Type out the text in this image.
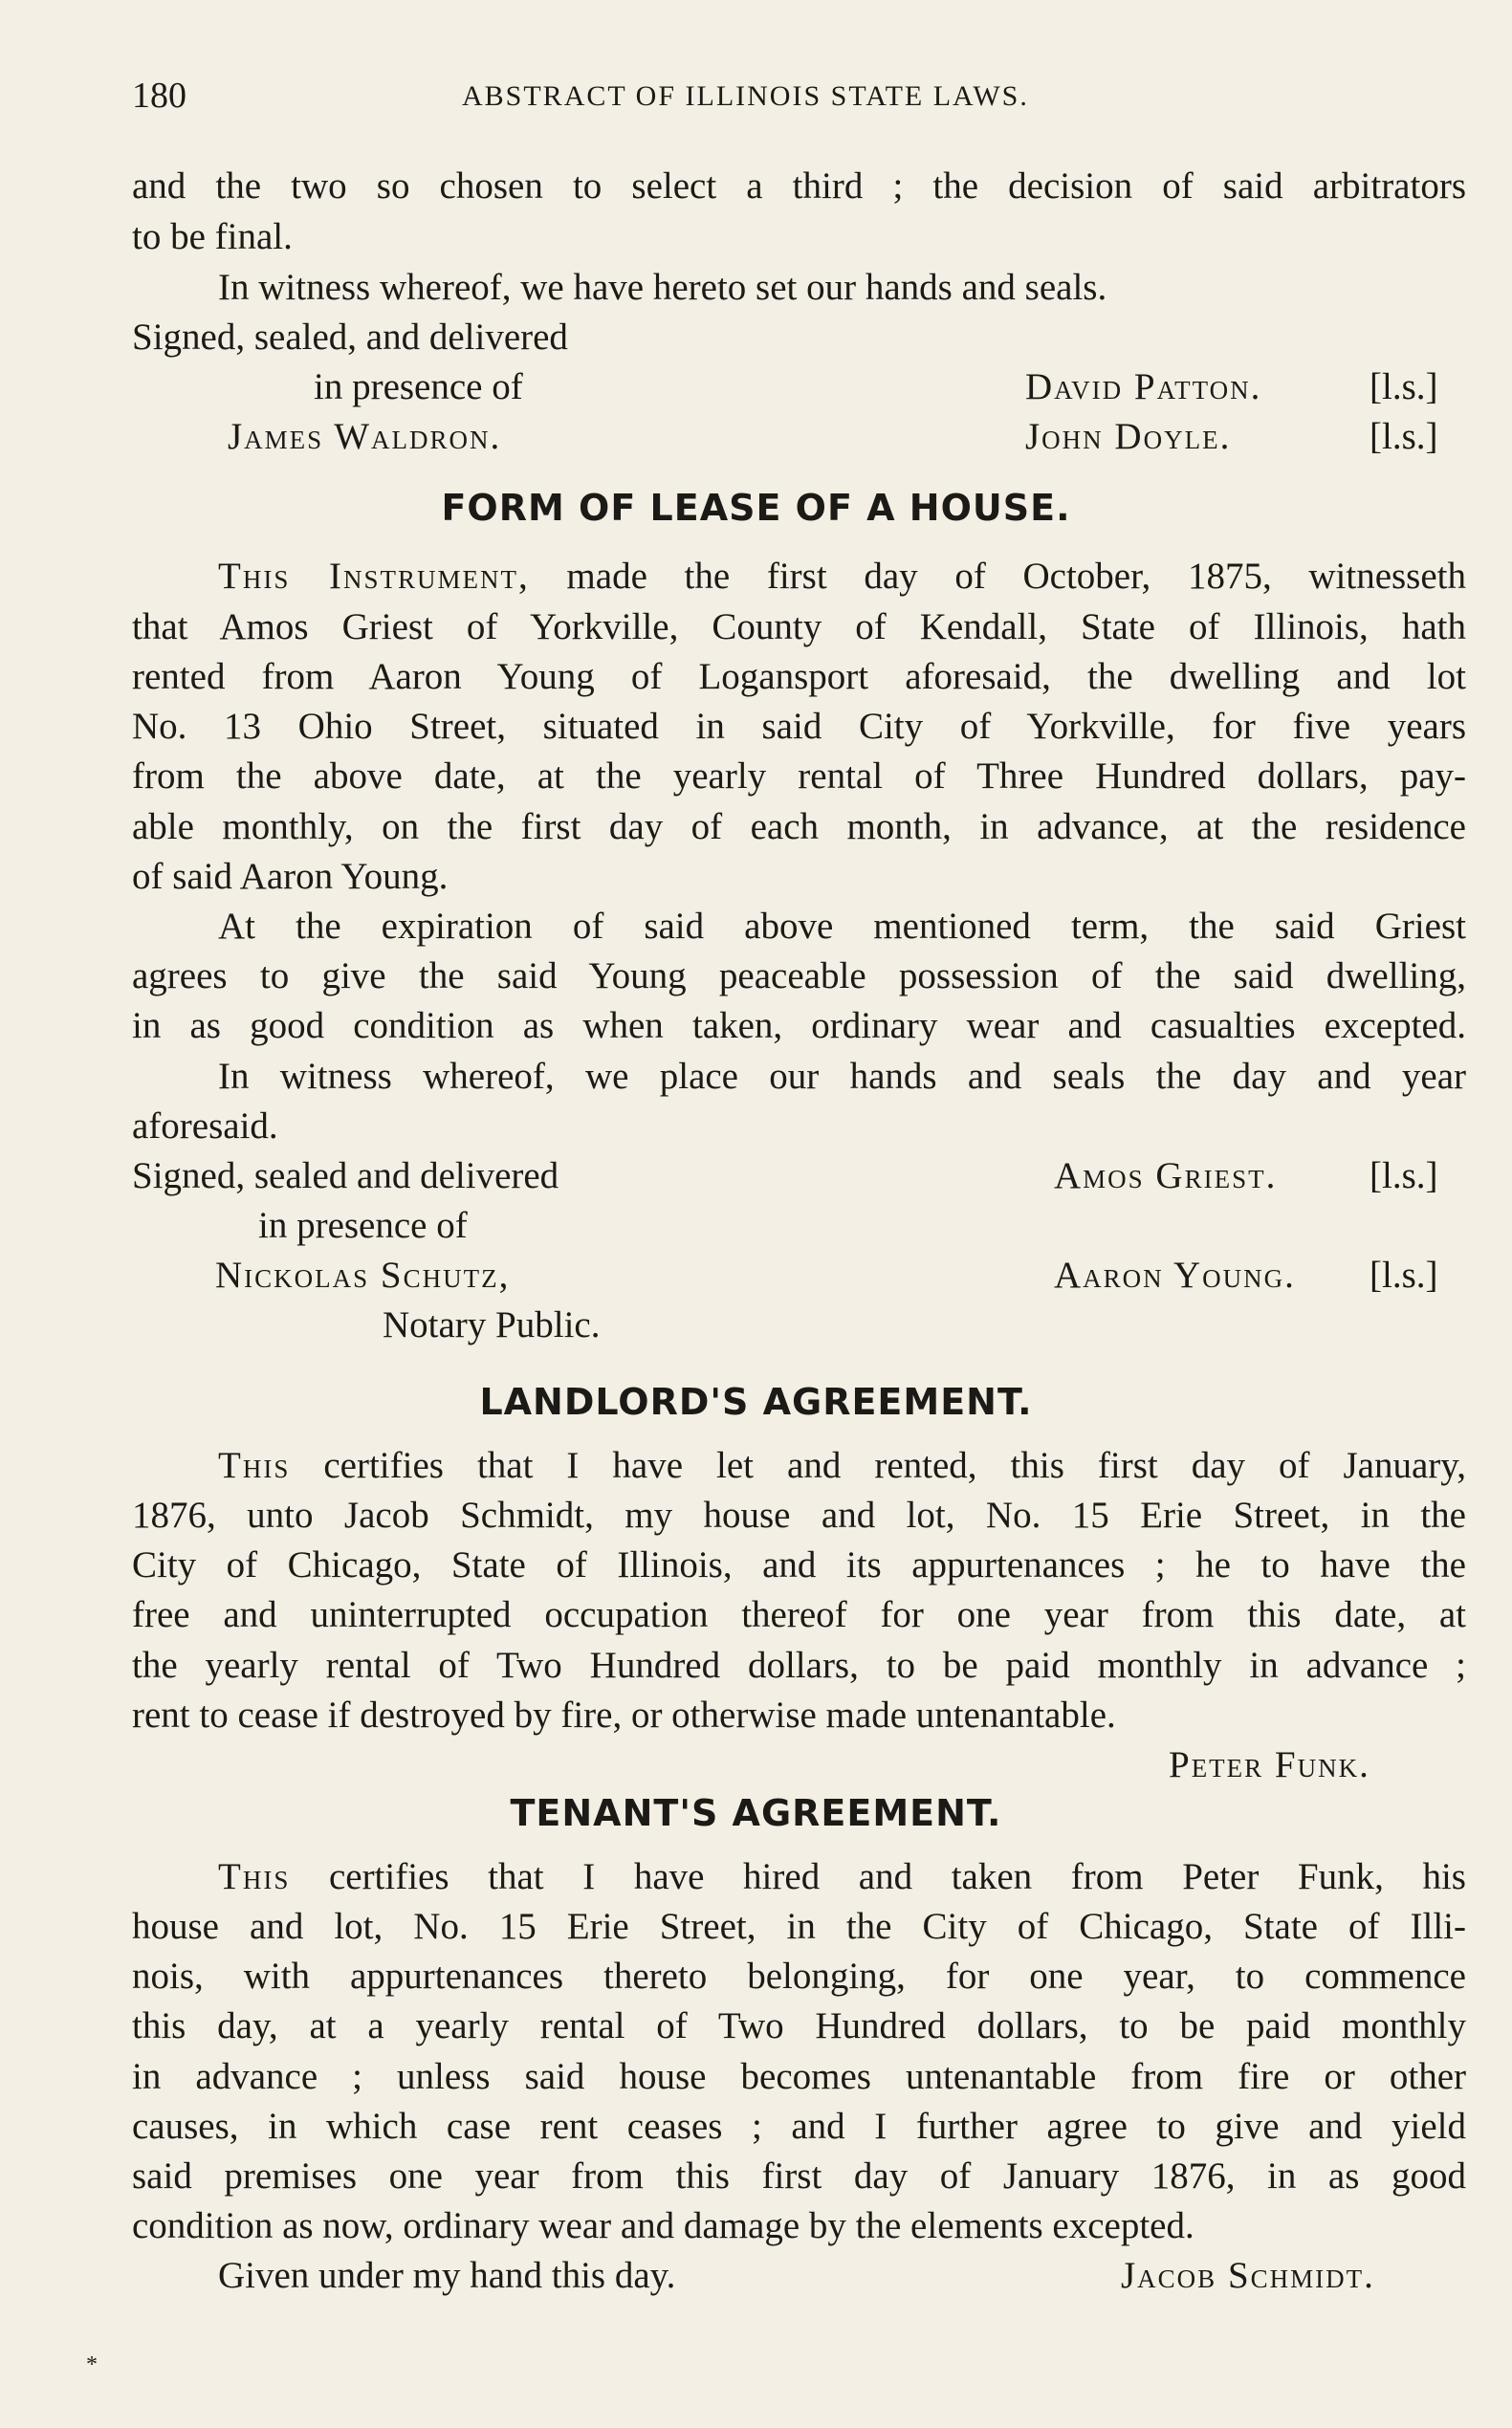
180	ABSTRACT OF ILLINOIS STATE LAWS.
and the two so chosen to select a third ; the decision of said arbitrators
to be final.
In witness whereof, we have hereto set our hands and seals.
Signed, sealed, and delivered
in presence of
James Waldron.
David Patton.	[l.s.]
John Doyle.	[l.s.]
FORM OF LEASE OF A HOUSE.
This Instrument, made the first day of October, 1875, witnesseth
that Amos Griest of Yorkville, County of Kendall, State of Illinois, hath
rented from Aaron Young of Logansport aforesaid, the dwelling and lot
No. 13 Ohio Street, situated in said City of Yorkville, for five years
from the above date, at the yearly rental of Three Hundred dollars, pay-
able monthly, on the first day of each month, in advance, at the residence
of said Aaron Young.
At the expiration of said above mentioned term, the said Griest
agrees to give the said Young peaceable possession of the said dwelling,
in as good condition as when taken, ordinary wear and casualties excepted.
In witness whereof, we place our hands and seals the day and year
aforesaid.
Signed, sealed and delivered
in presence of
Nickolas Schutz,
Notary Public.
Amos Griest. [l.s.]
Aaron Young. [l.s.]
LANDLORD'S AGREEMENT.
This certifies that I have let and rented, this first day of January,
1876, unto Jacob Schmidt, my house and lot, No. 15 Erie Street, in the
City of Chicago, State of Illinois, and its appurtenances ; he to have the
free and uninterrupted occupation thereof for one year from this date, at
the yearly rental of Two Hundred dollars, to be paid monthly in advance ;
rent to cease if destroyed by fire, or otherwise made untenantable.
Peter Funk.
TENANT'S AGREEMENT.
This certifies that I have hired and taken from Peter Funk, his
house and lot, No. 15 Erie Street, in the City of Chicago, State of Illi-
nois, with appurtenances thereto belonging, for one year, to commence
this day, at a yearly rental of Two Hundred dollars, to be paid monthly
in advance ; unless said house becomes untenantable from fire or other
causes, in which case rent ceases ; and I further agree to give and yield
said premises one year from this first day of January 1876, in as good
condition as now, ordinary wear and damage by the elements excepted.
Given under my hand this day.	Jacob Schmidt.
*
